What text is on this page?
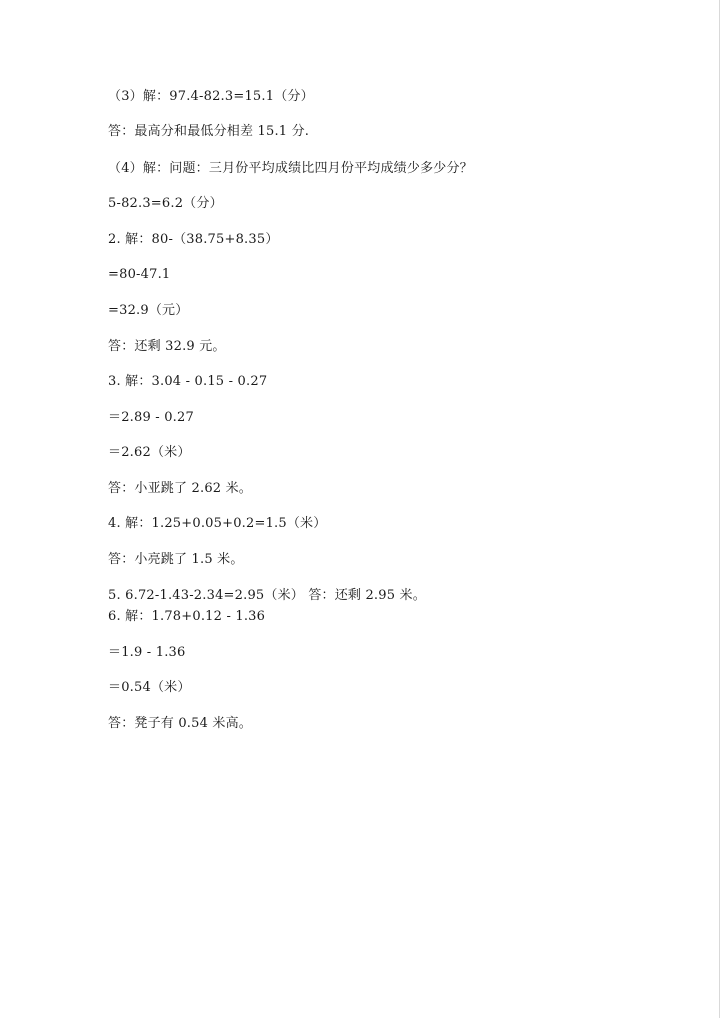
（3）解：97.4-82.3=15.1（分）
答：最高分和最低分相差 15.1 分.
（4）解：问题：三月份平均成绩比四月份平均成绩少多少分？
5-82.3=6.2（分）
2. 解：80-（38.75+8.35）
=80-47.1
=32.9（元）
答：还剩 32.9 元。
3. 解：3.04 - 0.15 - 0.27
＝2.89 - 0.27
＝2.62（米）
答：小亚跳了 2.62 米。
4. 解：1.25+0.05+0.2=1.5（米）
答：小亮跳了 1.5 米。
5. 6.72-1.43-2.34=2.95（米） 答：还剩 2.95 米。
6. 解：1.78+0.12 - 1.36
＝1.9 - 1.36
＝0.54（米）
答：凳子有 0.54 米高。
